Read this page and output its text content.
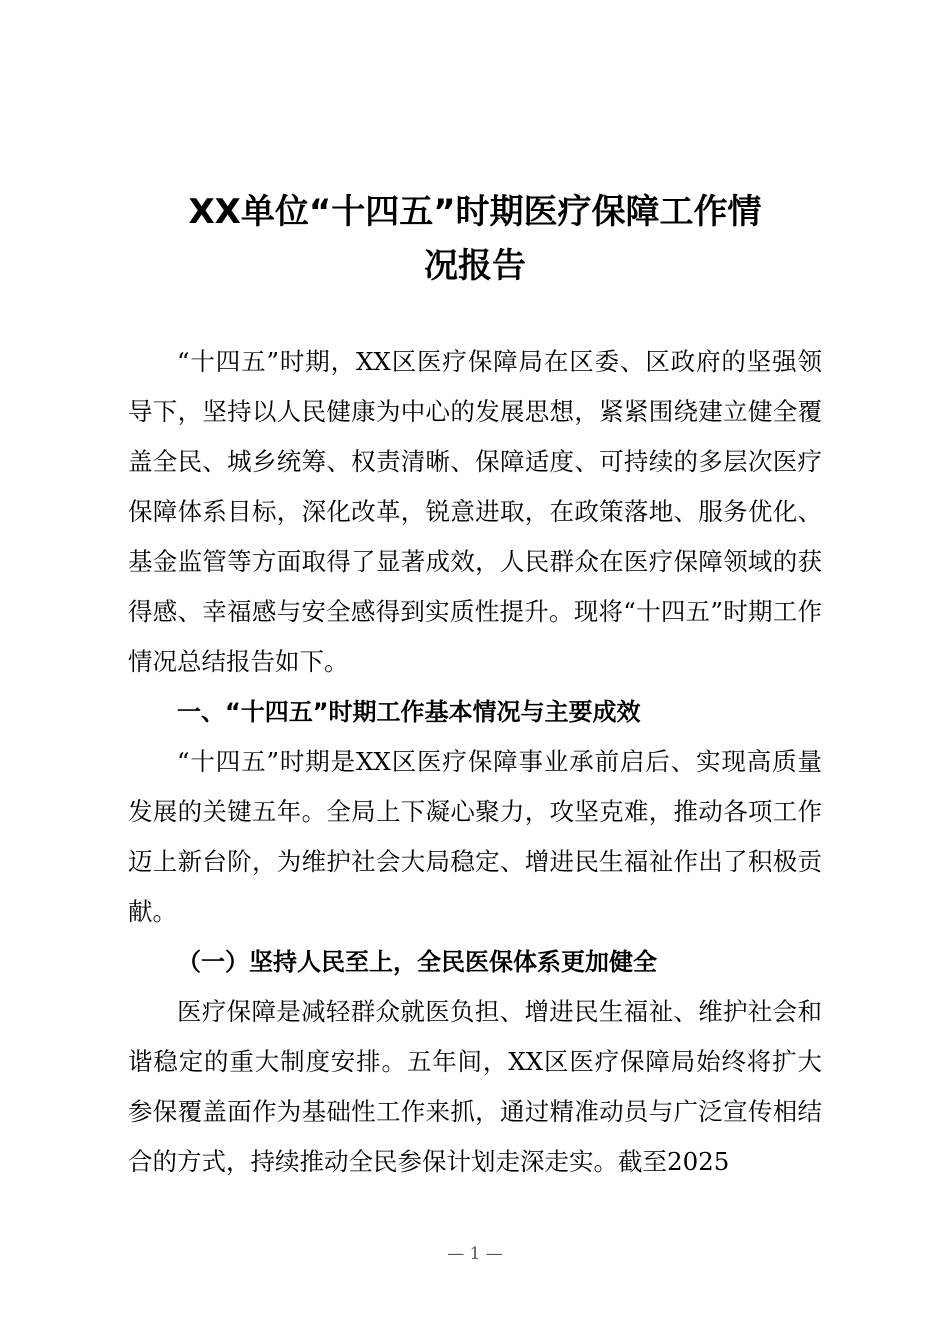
XX单位“十四五”时期医疗保障工作情
况报告

“十四五”时期，XX区医疗保障局在区委、区政府的坚强领导下，坚持以人民健康为中心的发展思想，紧紧围绕建立健全覆盖全民、城乡统筹、权责清晰、保障适度、可持续的多层次医疗保障体系目标，深化改革，锐意进取，在政策落地、服务优化、基金监管等方面取得了显著成效，人民群众在医疗保障领域的获得感、幸福感与安全感得到实质性提升。现将“十四五”时期工作情况总结报告如下。

一、“十四五”时期工作基本情况与主要成效

“十四五”时期是XX区医疗保障事业承前启后、实现高质量发展的关键五年。全局上下凝心聚力，攻坚克难，推动各项工作迈上新台阶，为维护社会大局稳定、增进民生福祉作出了积极贡献。

（一）坚持人民至上，全民医保体系更加健全

医疗保障是减轻群众就医负担、增进民生福祉、维护社会和谐稳定的重大制度安排。五年间，XX区医疗保障局始终将扩大参保覆盖面作为基础性工作来抓，通过精准动员与广泛宣传相结合的方式，持续推动全民参保计划走深走实。截至2025

— 1 —
